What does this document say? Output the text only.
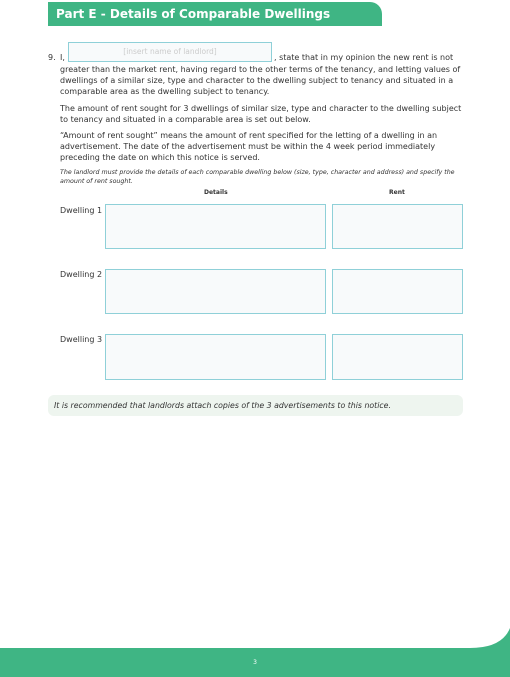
Part E - Details of Comparable Dwellings
9. I,
[insert name of landlord]
, state that in my opinion the new rent is not
greater than the market rent, having regard to the other terms of the tenancy, and letting values of dwellings of a similar size, type and character to the dwelling subject to tenancy and situated in a comparable area as the dwelling subject to tenancy.
The amount of rent sought for 3 dwellings of similar size, type and character to the dwelling subject to tenancy and situated in a comparable area is set out below.
“Amount of rent sought” means the amount of rent specified for the letting of a dwelling in an advertisement. The date of the advertisement must be within the 4 week period immediately preceding the date on which this notice is served.
The landlord must provide the details of each comparable dwelling below (size, type, character and address) and specify the amount of rent sought.
Details	Rent
Dwelling 1
Dwelling 2
Dwelling 3
It is recommended that landlords attach copies of the 3 advertisements to this notice.
3
